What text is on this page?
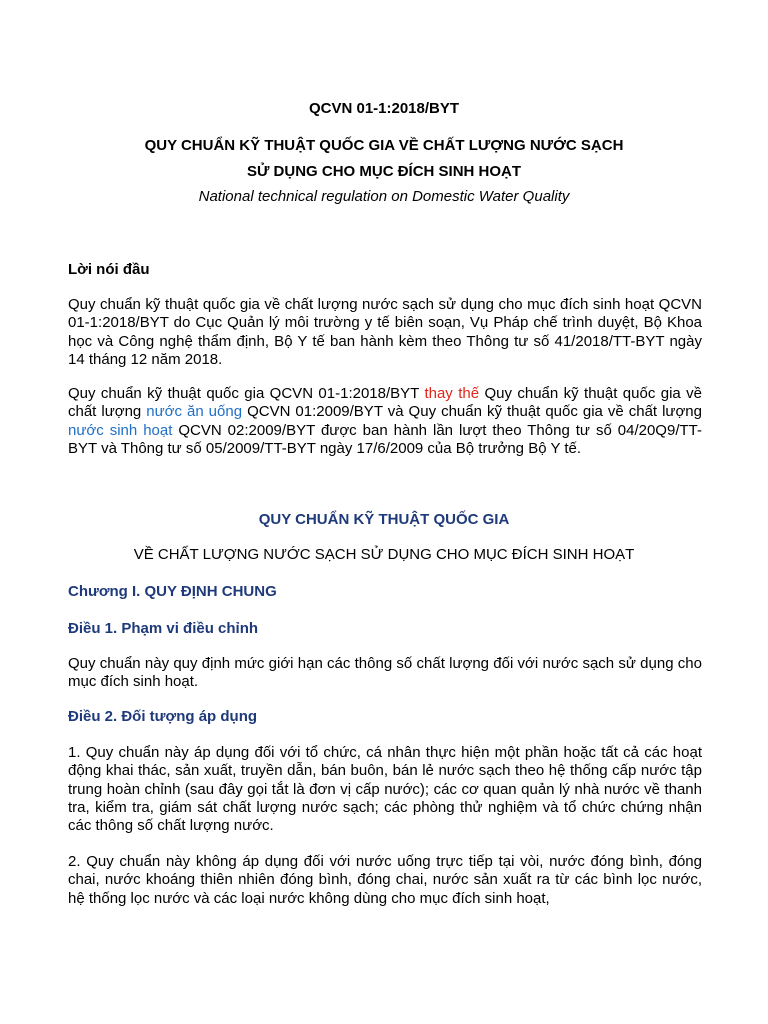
QCVN 01-1:2018/BYT
QUY CHUẨN KỸ THUẬT QUỐC GIA VỀ CHẤT LƯỢNG NƯỚC SẠCH
SỬ DỤNG CHO MỤC ĐÍCH SINH HOẠT
National technical regulation on Domestic Water Quality
Lời nói đầu
Quy chuẩn kỹ thuật quốc gia về chất lượng nước sạch sử dụng cho mục đích sinh hoạt QCVN 01-1:2018/BYT do Cục Quản lý môi trường y tế biên soạn, Vụ Pháp chế trình duyệt, Bộ Khoa học và Công nghệ thẩm định, Bộ Y tế ban hành kèm theo Thông tư số 41/2018/TT-BYT ngày 14 tháng 12 năm 2018.
Quy chuẩn kỹ thuật quốc gia QCVN 01-1:2018/BYT thay thế Quy chuẩn kỹ thuật quốc gia về chất lượng nước ăn uống QCVN 01:2009/BYT và Quy chuẩn kỹ thuật quốc gia về chất lượng nước sinh hoạt QCVN 02:2009/BYT được ban hành lần lượt theo Thông tư số 04/20Q9/TT-BYT và Thông tư số 05/2009/TT-BYT ngày 17/6/2009 của Bộ trưởng Bộ Y tế.
QUY CHUẨN KỸ THUẬT QUỐC GIA
VỀ CHẤT LƯỢNG NƯỚC SẠCH SỬ DỤNG CHO MỤC ĐÍCH SINH HOẠT
Chương I. QUY ĐỊNH CHUNG
Điều 1. Phạm vi điều chỉnh
Quy chuẩn này quy định mức giới hạn các thông số chất lượng đối với nước sạch sử dụng cho mục đích sinh hoạt.
Điều 2. Đối tượng áp dụng
1. Quy chuẩn này áp dụng đối với tổ chức, cá nhân thực hiện một phần hoặc tất cả các hoạt động khai thác, sản xuất, truyền dẫn, bán buôn, bán lẻ nước sạch theo hệ thống cấp nước tập trung hoàn chỉnh (sau đây gọi tắt là đơn vị cấp nước); các cơ quan quản lý nhà nước về thanh tra, kiểm tra, giám sát chất lượng nước sạch; các phòng thử nghiệm và tổ chức chứng nhận các thông số chất lượng nước.
2. Quy chuẩn này không áp dụng đối với nước uống trực tiếp tại vòi, nước đóng bình, đóng chai, nước khoáng thiên nhiên đóng bình, đóng chai, nước sản xuất ra từ các bình lọc nước, hệ thống lọc nước và các loại nước không dùng cho mục đích sinh hoạt,
